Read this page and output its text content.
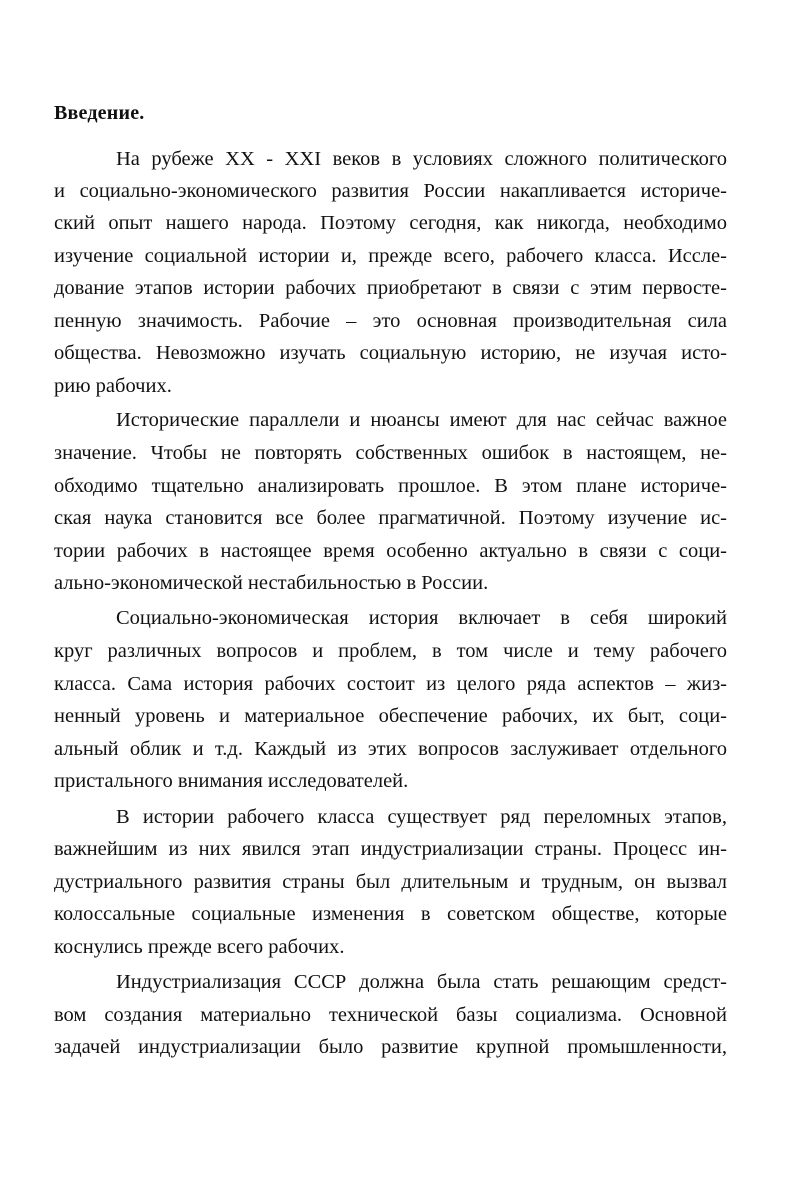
Введение.

На рубеже XX - XXI веков в условиях сложного политического

и социально-экономического развития России накапливается историче-

ский опыт нашего народа. Поэтому сегодня, как никогда, необходимо

изучение социальной истории и, прежде всего, рабочего класса. Иссле-

дование этапов истории рабочих приобретают в связи с этим первосте-

пенную значимость. Рабочие – это основная производительная сила

общества. Невозможно изучать социальную историю, не изучая исто-

рию рабочих.

Исторические параллели и нюансы имеют для нас сейчас важное

значение. Чтобы не повторять собственных ошибок в настоящем, не-

обходимо тщательно анализировать прошлое. В этом плане историче-

ская наука становится все более прагматичной. Поэтому изучение ис-

тории рабочих в настоящее время особенно актуально в связи с соци-

ально-экономической нестабильностью в России.

Социально-экономическая история включает в себя широкий

круг различных вопросов и проблем, в том числе и тему рабочего

класса. Сама история рабочих состоит из целого ряда аспектов – жиз-

ненный уровень и материальное обеспечение рабочих, их быт, соци-

альный облик и т.д. Каждый из этих вопросов заслуживает отдельного

пристального внимания исследователей.

В истории рабочего класса существует ряд переломных этапов,

важнейшим из них явился этап индустриализации страны. Процесс ин-

дустриального развития страны был длительным и трудным, он вызвал

колоссальные социальные изменения в советском обществе, которые

коснулись прежде всего рабочих.

Индустриализация СССР должна была стать решающим средст-

вом создания материально технической базы социализма. Основной

задачей индустриализации было развитие крупной промышленности,
